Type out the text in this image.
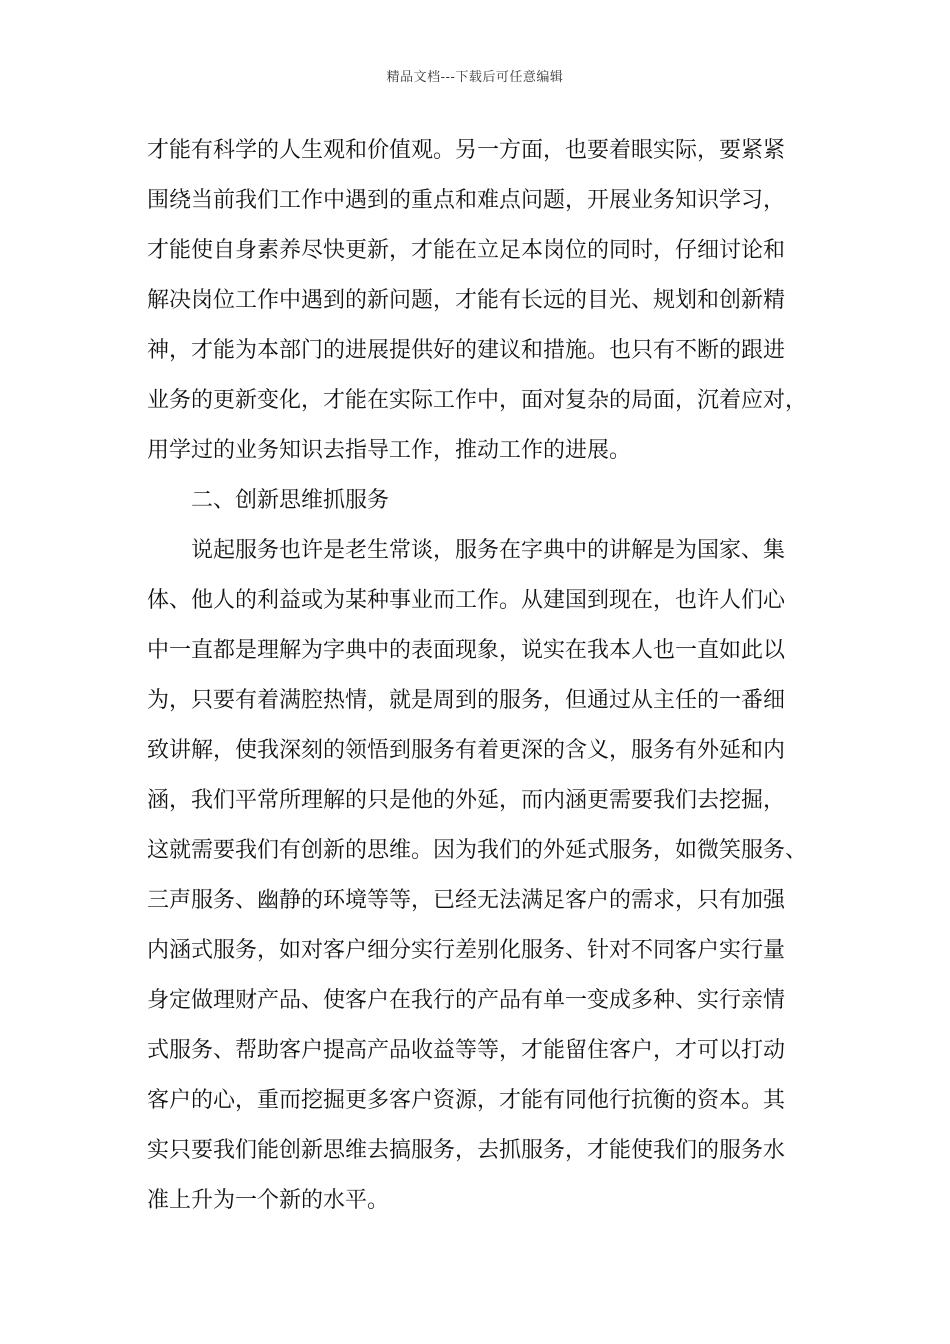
精品文档---下载后可任意编辑
才能有科学的人生观和价值观。另一方面，也要着眼实际，要紧紧
围绕当前我们工作中遇到的重点和难点问题，开展业务知识学习，
才能使自身素养尽快更新，才能在立足本岗位的同时，仔细讨论和
解决岗位工作中遇到的新问题，才能有长远的目光、规划和创新精
神，才能为本部门的进展提供好的建议和措施。也只有不断的跟进
业务的更新变化，才能在实际工作中，面对复杂的局面，沉着应对，
用学过的业务知识去指导工作，推动工作的进展。
二、创新思维抓服务
说起服务也许是老生常谈，服务在字典中的讲解是为国家、集
体、他人的利益或为某种事业而工作。从建国到现在，也许人们心
中一直都是理解为字典中的表面现象，说实在我本人也一直如此以
为，只要有着满腔热情，就是周到的服务，但通过从主任的一番细
致讲解，使我深刻的领悟到服务有着更深的含义，服务有外延和内
涵，我们平常所理解的只是他的外延，而内涵更需要我们去挖掘，
这就需要我们有创新的思维。因为我们的外延式服务，如微笑服务、
三声服务、幽静的环境等等，已经无法满足客户的需求，只有加强
内涵式服务，如对客户细分实行差别化服务、针对不同客户实行量
身定做理财产品、使客户在我行的产品有单一变成多种、实行亲情
式服务、帮助客户提高产品收益等等，才能留住客户，才可以打动
客户的心，重而挖掘更多客户资源，才能有同他行抗衡的资本。其
实只要我们能创新思维去搞服务，去抓服务，才能使我们的服务水
准上升为一个新的水平。
